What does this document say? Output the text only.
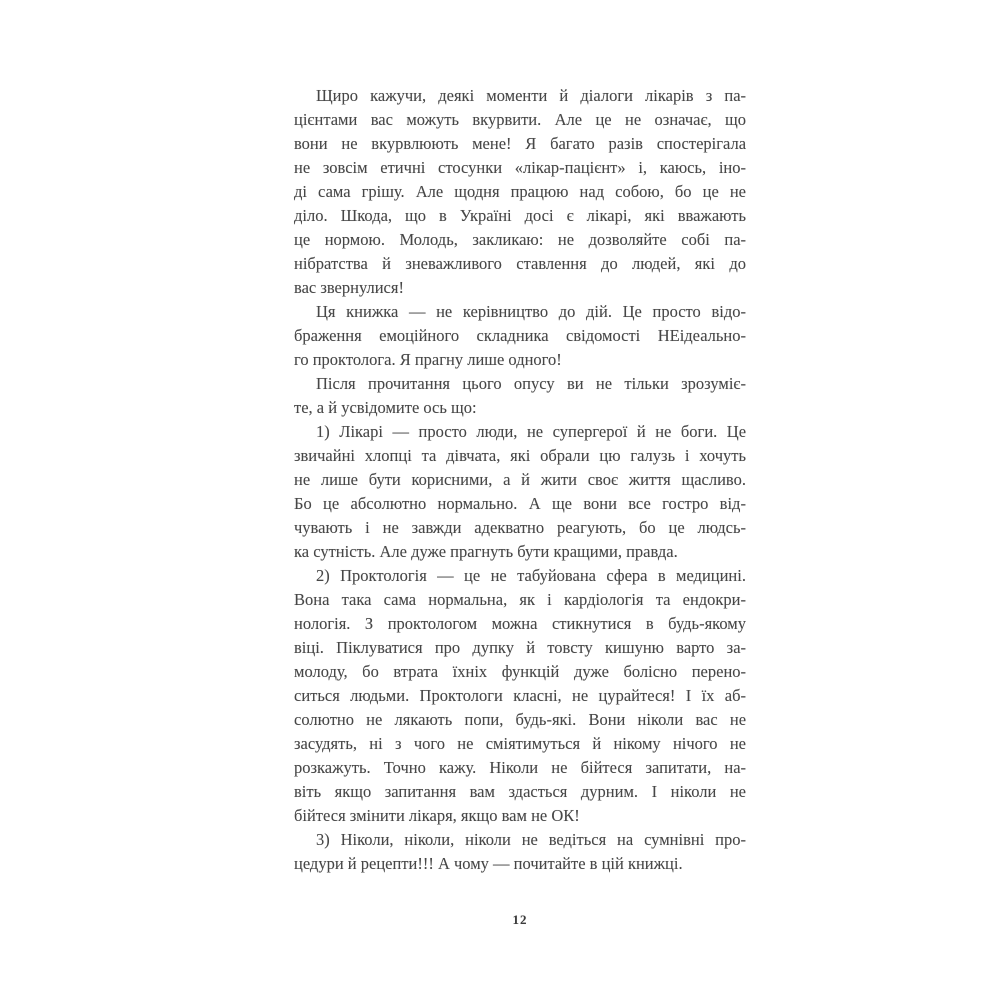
Щиро кажучи, деякі моменти й діалоги лікарів з па-
цієнтами вас можуть вкурвити. Але це не означає, що
вони не вкурвлюють мене! Я багато разів спостерігала
не зовсім етичні стосунки «лікар-пацієнт» і, каюсь, іно-
ді сама грішу. Але щодня працюю над собою, бо це не
діло. Шкода, що в Україні досі є лікарі, які вважають
це нормою. Молодь, закликаю: не дозволяйте собі па-
нібратства й зневажливого ставлення до людей, які до
вас звернулися!
Ця книжка — не керівництво до дій. Це просто відо-
браження емоційного складника свідомості НЕідеально-
го проктолога. Я прагну лише одного!
Після прочитання цього опусу ви не тільки зрозуміє-
те, а й усвідомите ось що:
1) Лікарі — просто люди, не супергерої й не боги. Це
звичайні хлопці та дівчата, які обрали цю галузь і хочуть
не лише бути корисними, а й жити своє життя щасливо.
Бо це абсолютно нормально. А ще вони все гостро від-
чувають і не завжди адекватно реагують, бо це людсь-
ка сутність. Але дуже прагнуть бути кращими, правда.
2) Проктологія — це не табуйована сфера в медицині.
Вона така сама нормальна, як і кардіологія та ендокри-
нологія. З проктологом можна стикнутися в будь-якому
віці. Піклуватися про дупку й товсту кишуню варто за-
молоду, бо втрата їхніх функцій дуже болісно перено-
ситься людьми. Проктологи класні, не цурайтеся! І їх аб-
солютно не лякають попи, будь-які. Вони ніколи вас не
засудять, ні з чого не сміятимуться й нікому нічого не
розкажуть. Точно кажу. Ніколи не бійтеся запитати, на-
віть якщо запитання вам здасться дурним. І ніколи не
бійтеся змінити лікаря, якщо вам не ОК!
3) Ніколи, ніколи, ніколи не ведіться на сумнівні про-
цедури й рецепти!!! А чому — почитайте в цій книжці.
12
